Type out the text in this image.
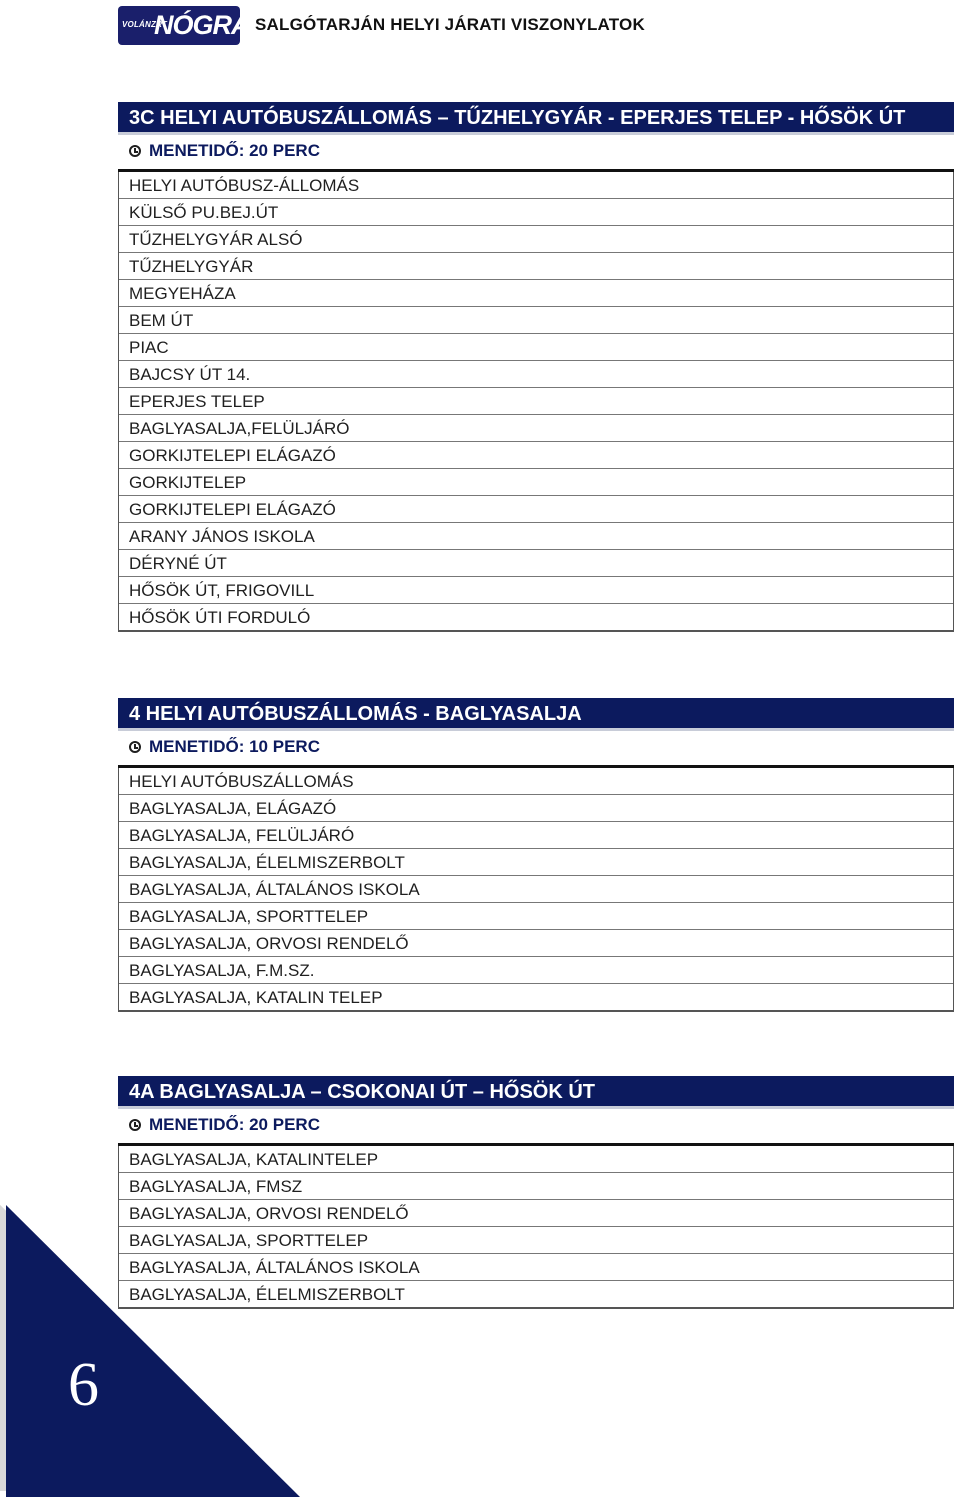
VOLÁNZRT
NÓGRÁD
SALGÓTARJÁN HELYI JÁRATI VISZONYLATOK
3C HELYI AUTÓBUSZÁLLOMÁS – TŰZHELYGYÁR - EPERJES TELEP - HŐSÖK ÚT
MENETIDŐ: 20 PERC
HELYI AUTÓBUSZ-ÁLLOMÁS
KÜLSŐ PU.BEJ.ÚT
TŰZHELYGYÁR ALSÓ
TŰZHELYGYÁR
MEGYEHÁZA
BEM ÚT
PIAC
BAJCSY ÚT 14.
EPERJES TELEP
BAGLYASALJA,FELÜLJÁRÓ
GORKIJTELEPI ELÁGAZÓ
GORKIJTELEP
GORKIJTELEPI ELÁGAZÓ
ARANY JÁNOS ISKOLA
DÉRYNÉ ÚT
HŐSÖK ÚT, FRIGOVILL
HŐSÖK ÚTI FORDULÓ
4 HELYI AUTÓBUSZÁLLOMÁS - BAGLYASALJA
MENETIDŐ: 10 PERC
HELYI AUTÓBUSZÁLLOMÁS
BAGLYASALJA, ELÁGAZÓ
BAGLYASALJA, FELÜLJÁRÓ
BAGLYASALJA, ÉLELMISZERBOLT
BAGLYASALJA, ÁLTALÁNOS ISKOLA
BAGLYASALJA, SPORTTELEP
BAGLYASALJA, ORVOSI RENDELŐ
BAGLYASALJA, F.M.SZ.
BAGLYASALJA, KATALIN TELEP
4A BAGLYASALJA – CSOKONAI ÚT – HŐSÖK ÚT
MENETIDŐ: 20 PERC
BAGLYASALJA, KATALINTELEP
BAGLYASALJA, FMSZ
BAGLYASALJA, ORVOSI RENDELŐ
BAGLYASALJA, SPORTTELEP
BAGLYASALJA, ÁLTALÁNOS ISKOLA
BAGLYASALJA, ÉLELMISZERBOLT
6
